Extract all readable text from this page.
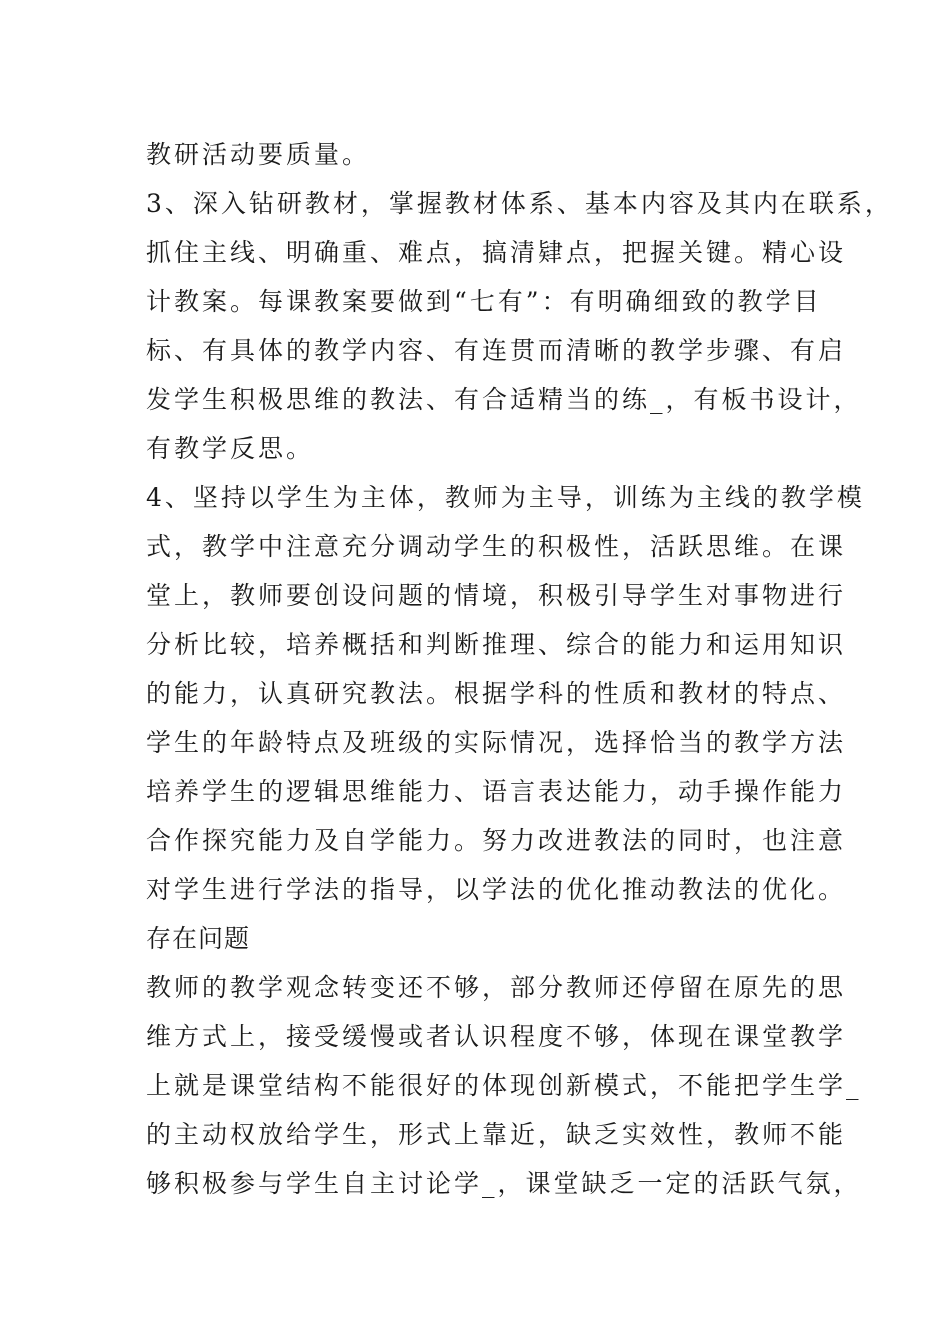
教研活动要质量。
3、深入钻研教材，掌握教材体系、基本内容及其内在联系，
抓住主线、明确重、难点，搞清肄点，把握关键。精心设
计教案。每课教案要做到“七有”：有明确细致的教学目
标、有具体的教学内容、有连贯而清晰的教学步骤、有启
发学生积极思维的教法、有合适精当的练_，有板书设计，
有教学反思。
4、坚持以学生为主体，教师为主导，训练为主线的教学模
式，教学中注意充分调动学生的积极性，活跃思维。在课
堂上，教师要创设问题的情境，积极引导学生对事物进行
分析比较，培养概括和判断推理、综合的能力和运用知识
的能力，认真研究教法。根据学科的性质和教材的特点、
学生的年龄特点及班级的实际情况，选择恰当的教学方法
培养学生的逻辑思维能力、语言表达能力，动手操作能力
合作探究能力及自学能力。努力改进教法的同时，也注意
对学生进行学法的指导，以学法的优化推动教法的优化。
存在问题
教师的教学观念转变还不够，部分教师还停留在原先的思
维方式上，接受缓慢或者认识程度不够，体现在课堂教学
上就是课堂结构不能很好的体现创新模式，不能把学生学_
的主动权放给学生，形式上靠近，缺乏实效性，教师不能
够积极参与学生自主讨论学_，课堂缺乏一定的活跃气氛，
